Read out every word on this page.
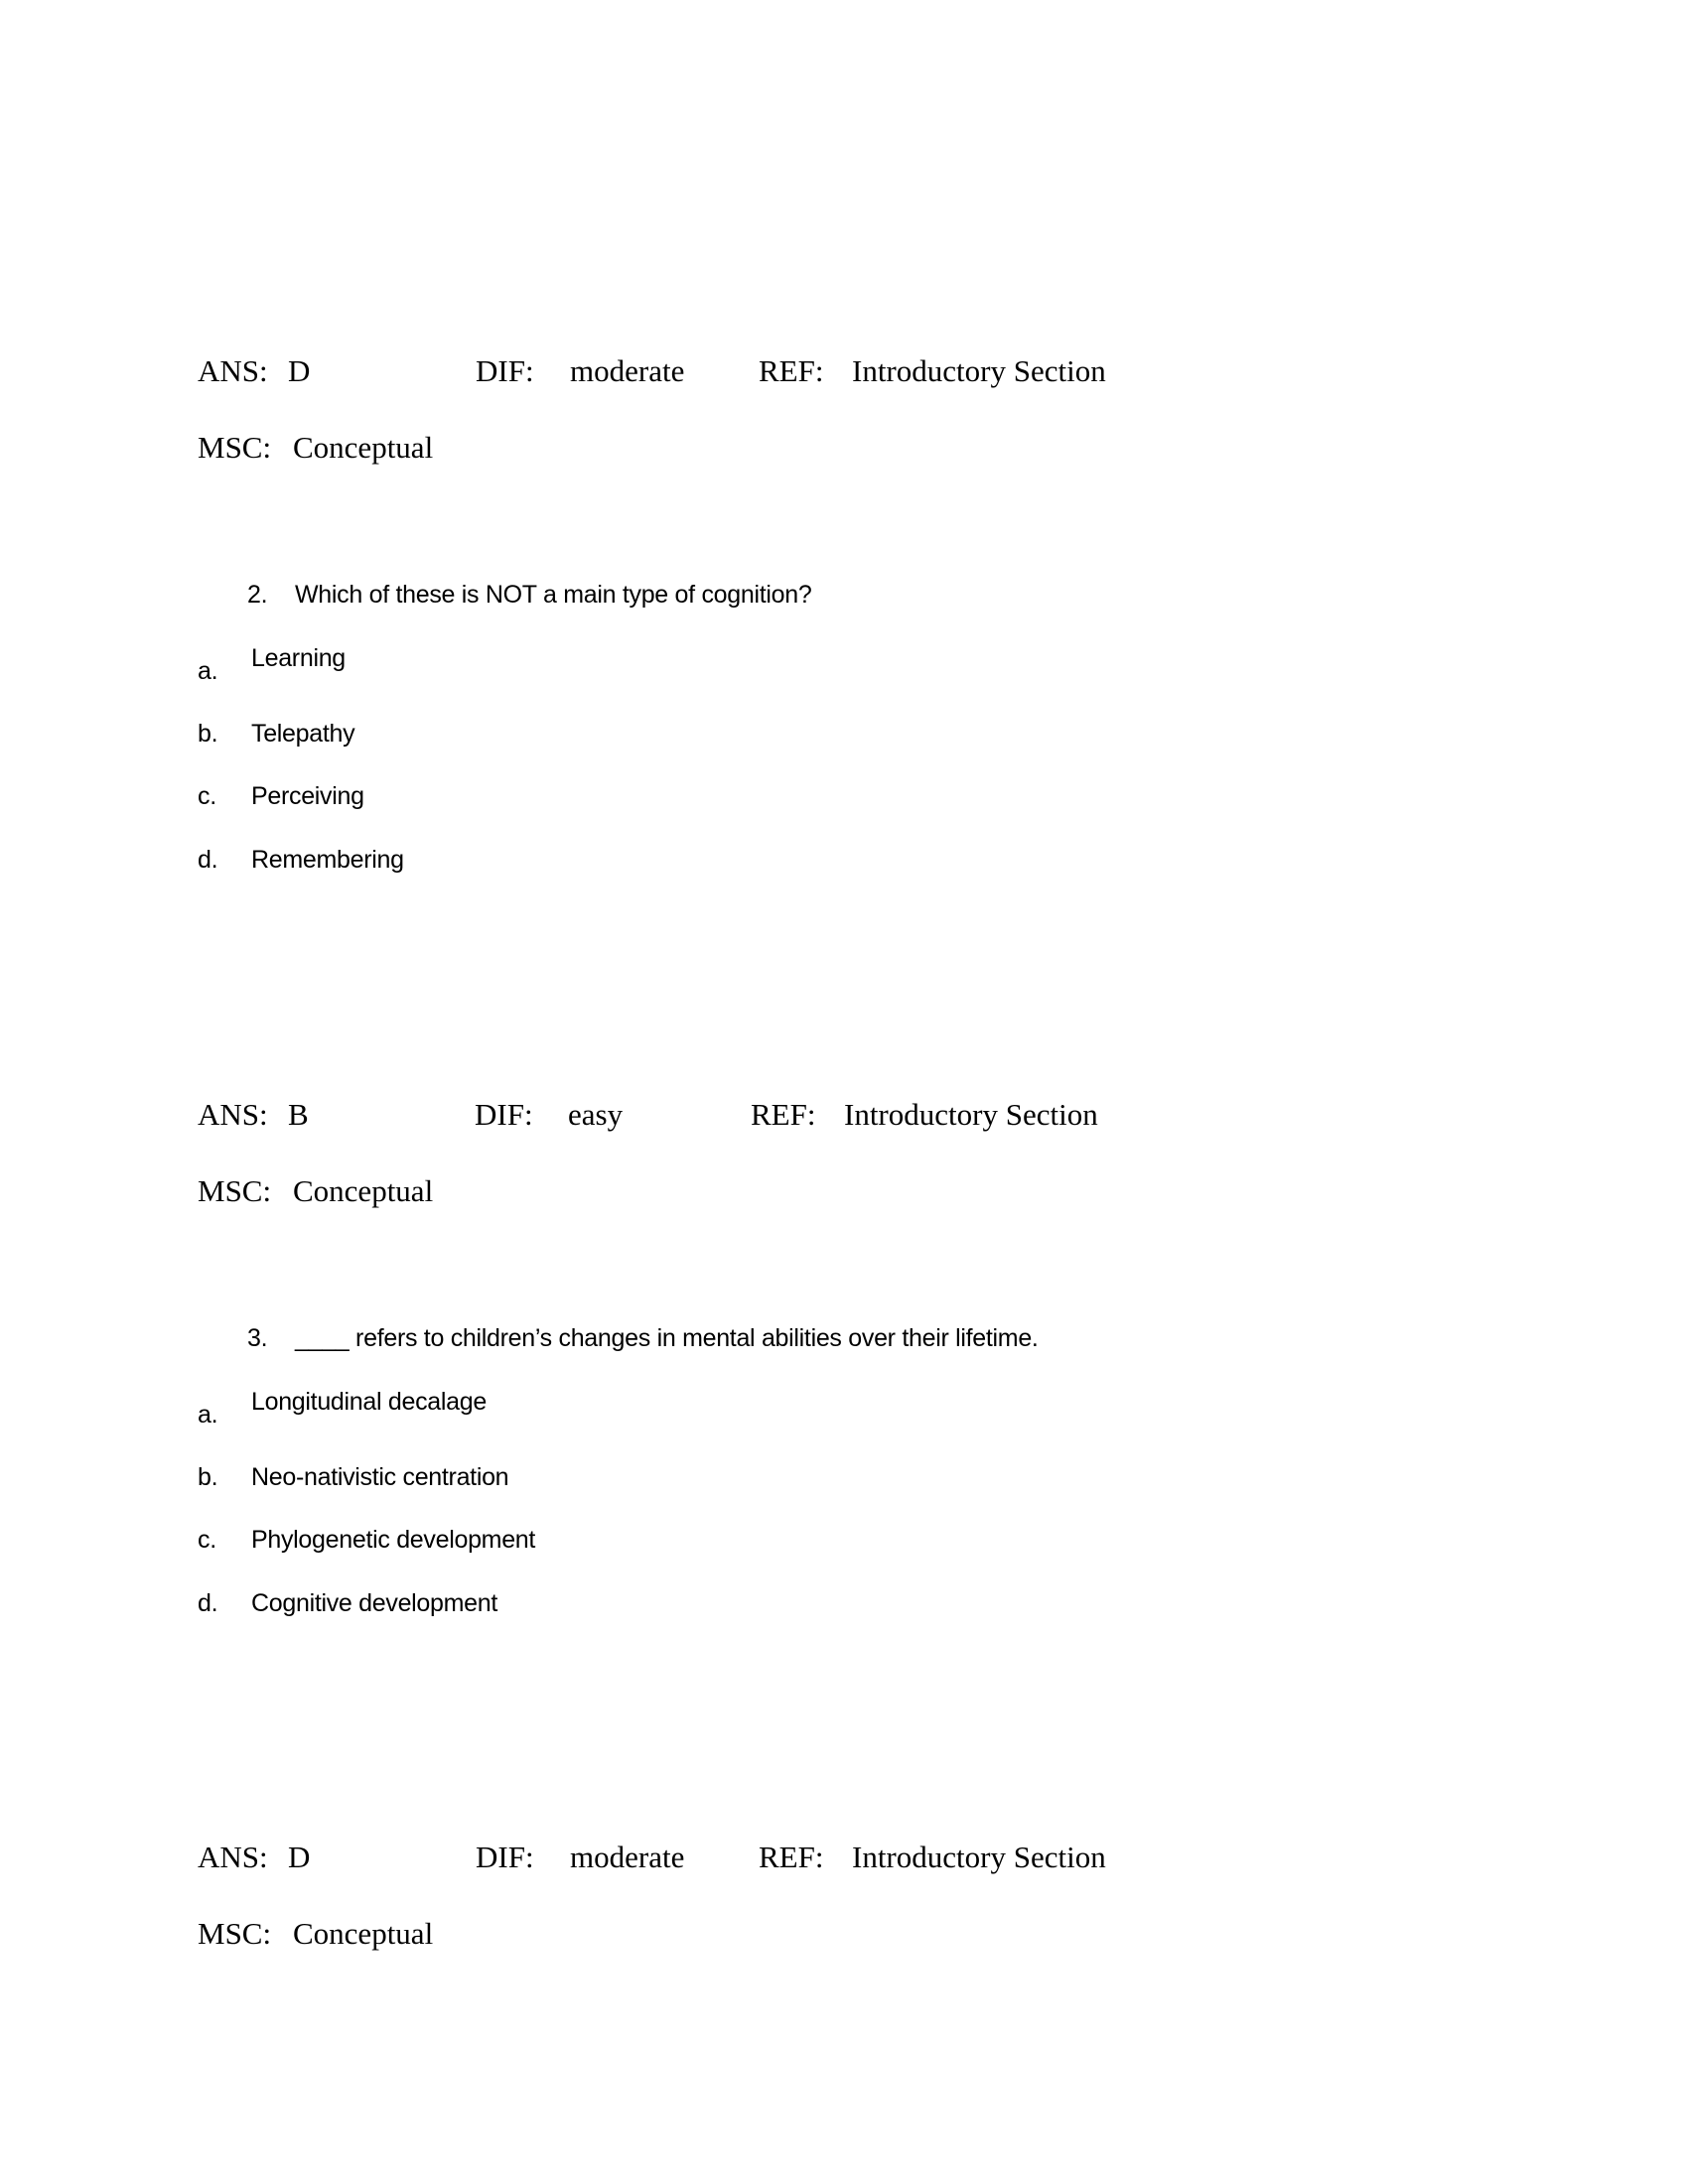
ANS: D	DIF: moderate REF: Introductory Section
MSC: Conceptual
2. Which of these is NOT a main type of cognition?
a. Learning
b. Telepathy
c. Perceiving
d. Remembering
ANS: B	DIF: easy	REF: Introductory Section
MSC: Conceptual
3. ____ refers to children’s changes in mental abilities over their lifetime.
a. Longitudinal decalage
b. Neo-nativistic centration
c. Phylogenetic development
d. Cognitive development
ANS: D	DIF: moderate REF: Introductory Section
MSC: Conceptual
